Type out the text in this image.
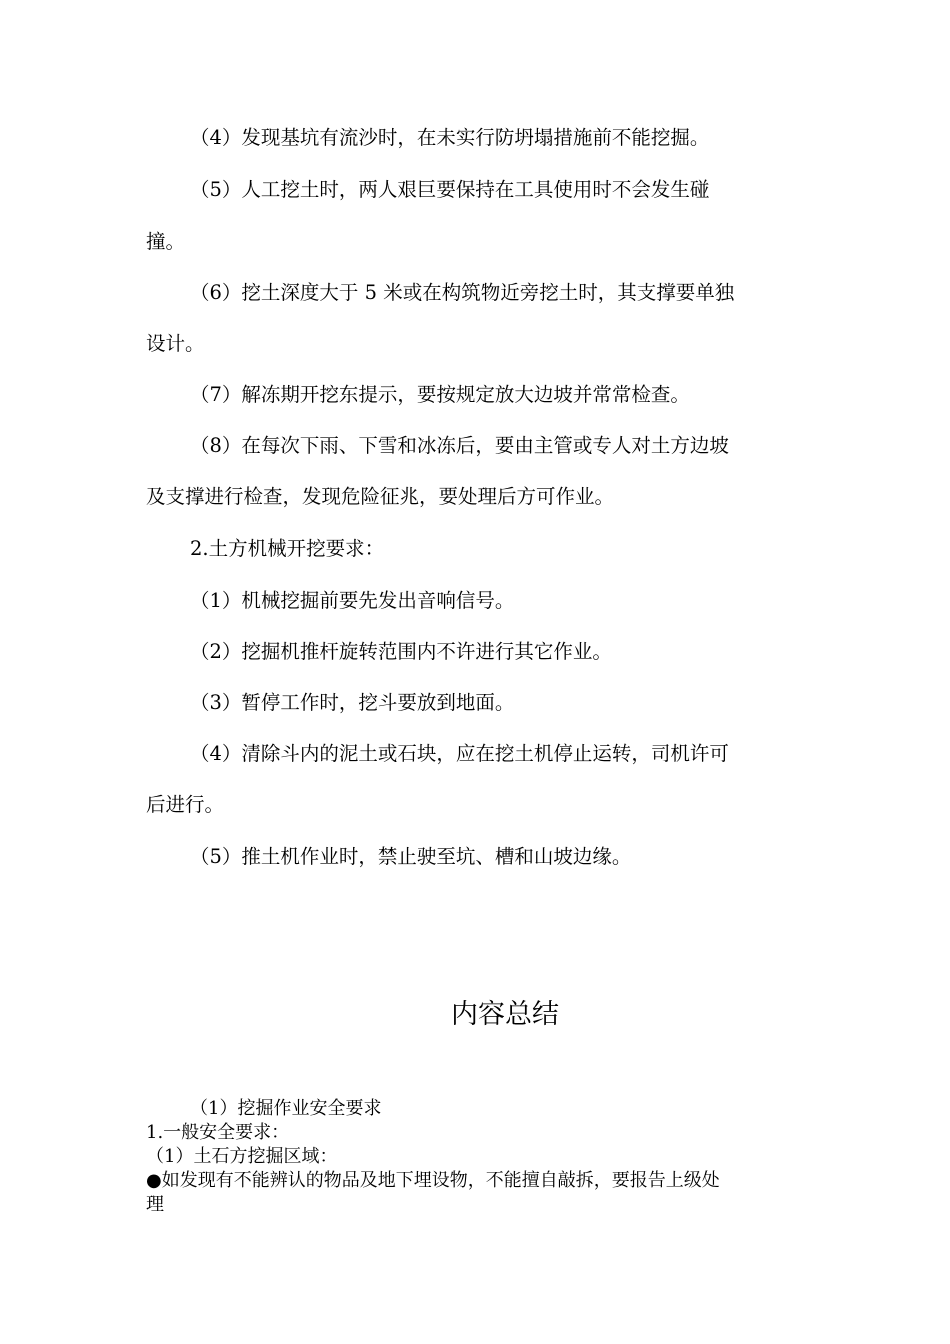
（4）发现基坑有流沙时，在未实行防坍塌措施前不能挖掘。
（5）人工挖土时，两人艰巨要保持在工具使用时不会发生碰
撞。
（6）挖土深度大于 5 米或在构筑物近旁挖土时，其支撑要单独
设计。
（7）解冻期开挖东提示，要按规定放大边坡并常常检查。
（8）在每次下雨、下雪和冰冻后，要由主管或专人对土方边坡
及支撑进行检查，发现危险征兆，要处理后方可作业。
2.土方机械开挖要求：
（1）机械挖掘前要先发出音响信号。
（2）挖掘机推杆旋转范围内不许进行其它作业。
（3）暂停工作时，挖斗要放到地面。
（4）清除斗内的泥土或石块，应在挖土机停止运转，司机许可
后进行。
（5）推土机作业时，禁止驶至坑、槽和山坡边缘。
内容总结
（1）挖掘作业安全要求
1.一般安全要求：
（1）土石方挖掘区域：
●如发现有不能辨认的物品及地下埋设物，不能擅自敲拆，要报告上级处
理
